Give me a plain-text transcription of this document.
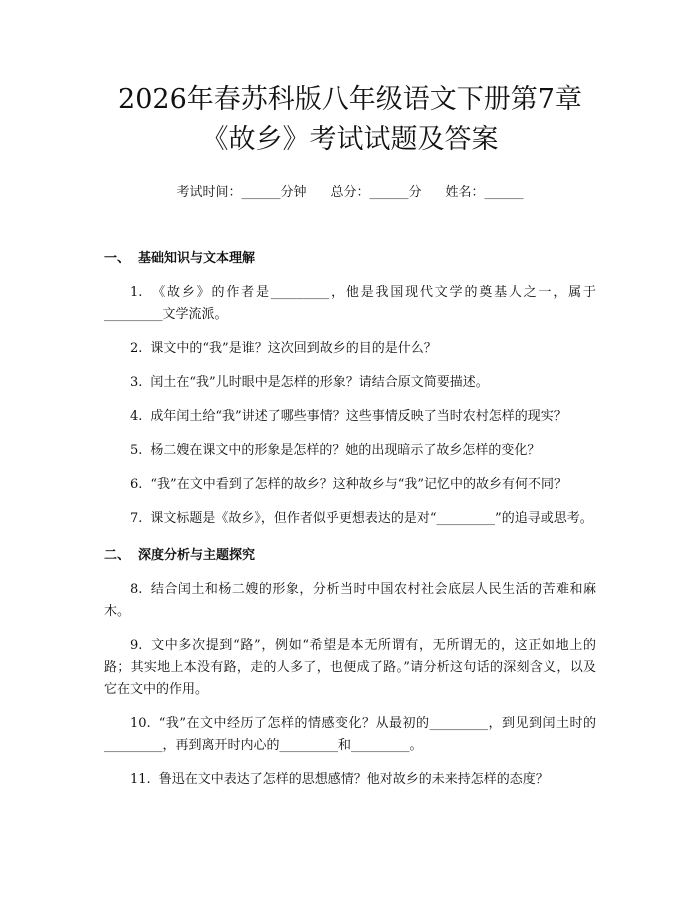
2026年春苏科版八年级语文下册第7章《故乡》考试试题及答案
考试时间：______分钟 总分：______分 姓名：______
一、 基础知识与文本理解
1. 《故乡》的作者是_________，他是我国现代文学的奠基人之一，属于_________文学流派。
2. 课文中的“我”是谁？这次回到故乡的目的是什么？
3. 闰土在“我”儿时眼中是怎样的形象？请结合原文简要描述。
4. 成年闰土给“我”讲述了哪些事情？这些事情反映了当时农村怎样的现实？
5. 杨二嫂在课文中的形象是怎样的？她的出现暗示了故乡怎样的变化？
6. “我”在文中看到了怎样的故乡？这种故乡与“我”记忆中的故乡有何不同？
7. 课文标题是《故乡》，但作者似乎更想表达的是对“_________”的追寻或思考。
二、 深度分析与主题探究
8. 结合闰土和杨二嫂的形象，分析当时中国农村社会底层人民生活的苦难和麻木。
9. 文中多次提到“路”，例如“希望是本无所谓有，无所谓无的，这正如地上的路；其实地上本没有路，走的人多了，也便成了路。”请分析这句话的深刻含义，以及它在文中的作用。
10. “我”在文中经历了怎样的情感变化？从最初的_________，到见到闰土时的_________，再到离开时内心的_________和_________。
11. 鲁迅在文中表达了怎样的思想感情？他对故乡的未来持怎样的态度？
